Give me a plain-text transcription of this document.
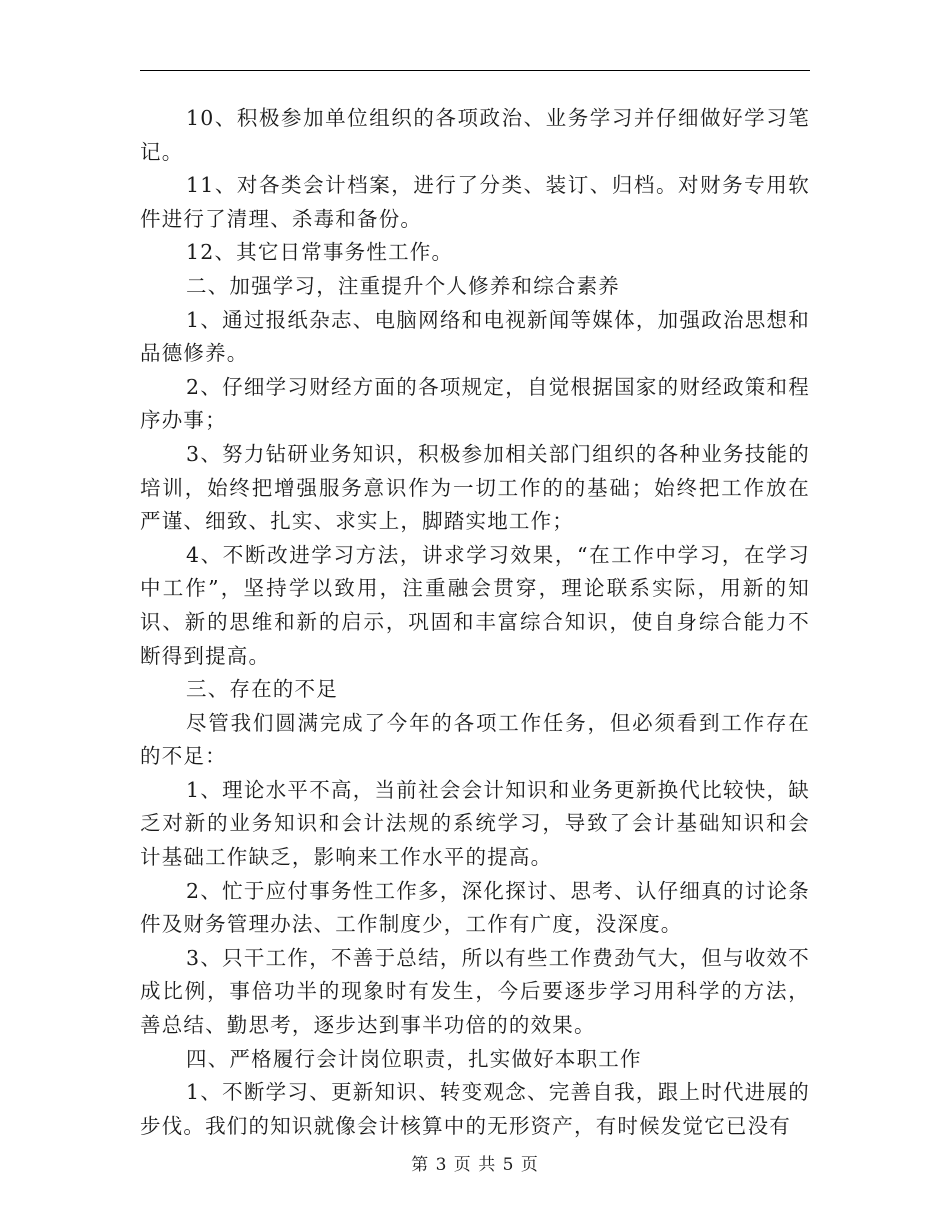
10、积极参加单位组织的各项政治、业务学习并仔细做好学习笔记。

11、对各类会计档案，进行了分类、装订、归档。对财务专用软件进行了清理、杀毒和备份。

12、其它日常事务性工作。

二、加强学习，注重提升个人修养和综合素养

1、通过报纸杂志、电脑网络和电视新闻等媒体，加强政治思想和品德修养。

2、仔细学习财经方面的各项规定，自觉根据国家的财经政策和程序办事；

3、努力钻研业务知识，积极参加相关部门组织的各种业务技能的培训，始终把增强服务意识作为一切工作的的基础；始终把工作放在严谨、细致、扎实、求实上，脚踏实地工作；

4、不断改进学习方法，讲求学习效果，“在工作中学习，在学习中工作”，坚持学以致用，注重融会贯穿，理论联系实际，用新的知识、新的思维和新的启示，巩固和丰富综合知识，使自身综合能力不断得到提高。

三、存在的不足

尽管我们圆满完成了今年的各项工作任务，但必须看到工作存在的不足：

1、理论水平不高，当前社会会计知识和业务更新换代比较快，缺乏对新的业务知识和会计法规的系统学习，导致了会计基础知识和会计基础工作缺乏，影响来工作水平的提高。

2、忙于应付事务性工作多，深化探讨、思考、认仔细真的讨论条件及财务管理办法、工作制度少，工作有广度，没深度。

3、只干工作，不善于总结，所以有些工作费劲气大，但与收效不成比例，事倍功半的现象时有发生，今后要逐步学习用科学的方法，善总结、勤思考，逐步达到事半功倍的的效果。

四、严格履行会计岗位职责，扎实做好本职工作

1、不断学习、更新知识、转变观念、完善自我，跟上时代进展的步伐。我们的知识就像会计核算中的无形资产，有时候发觉它已没有

第 3 页 共 5 页
